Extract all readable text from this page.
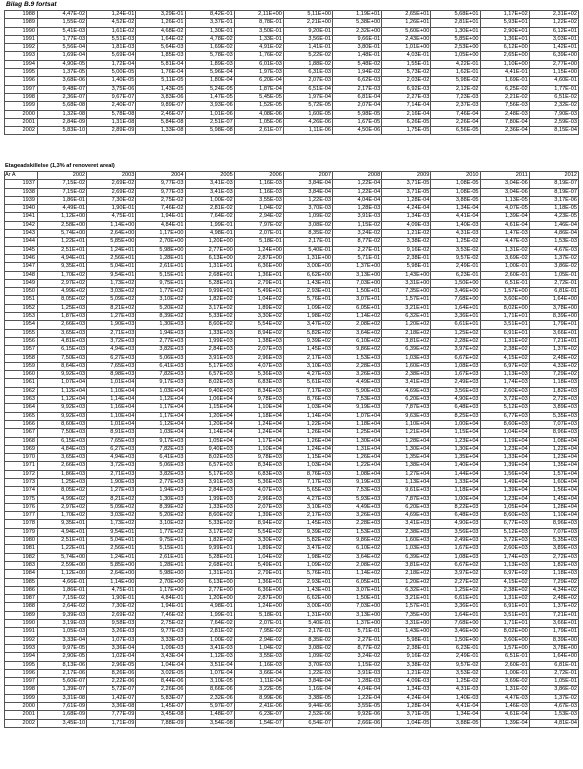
Bilag B.9 fortsat
1988	4,47E-02	1,24E-01	3,29E-01	8,42E-01	2,11E+00	5,11E+00	1,19E+01	2,65E+01	5,68E+01	1,17E+02	2,31E+02
1989	1,55E-02	4,52E-02	1,26E-01	3,37E-01	8,78E-01	2,21E+00	5,38E+00	1,26E+01	2,81E+01	5,93E+01	1,22E+02
1990	5,41E-03	1,61E-02	4,68E-02	1,30E-01	3,50E-01	9,20E-01	2,32E+00	5,60E+00	1,30E+01	2,90E+01	6,12E+01
1991	1,77E-03	5,51E-03	1,64E-02	4,78E-02	1,33E-01	3,56E-01	9,66E-01	2,43E+00	5,85E+00	1,36E+01	3,03E+01
1992	5,56E-04	1,81E-03	5,64E-03	1,69E-02	4,91E-02	1,41E-01	3,80E-01	1,01E+00	2,53E+00	6,12E+00	1,42E+01
1993	1,69E-04	5,69E-04	1,85E-03	5,78E-03	1,76E-02	5,22E-02	1,48E-01	4,03E-01	1,05E+00	2,65E+00	6,39E+00
1994	4,90E-05	1,72E-04	5,81E-04	1,89E-03	6,01E-03	1,88E-02	5,48E-02	1,55E-01	4,22E-01	1,10E+00	2,77E+00
1995	1,37E-05	5,00E-05	1,76E-04	5,96E-04	1,97E-03	6,31E-03	1,94E-02	5,73E-02	1,62E-01	4,41E-01	1,15E+00
1996	3,68E-06	1,40E-05	5,11E-05	1,80E-04	6,20E-04	2,07E-03	6,62E-03	2,03E-02	5,98E-02	1,69E-01	4,60E-01
1997	9,48E-07	3,75E-06	1,43E-05	5,24E-05	1,87E-04	6,51E-04	2,17E-03	6,92E-03	2,12E-02	6,25E-02	1,77E-01
1998	2,36E-07	9,67E-07	3,83E-06	1,47E-05	5,45E-05	1,97E-04	6,81E-04	2,27E-03	7,23E-03	2,21E-02	6,51E-02
1999	5,68E-08	2,40E-07	9,89E-07	3,93E-06	1,52E-05	5,72E-05	2,07E-04	7,14E-04	2,37E-03	7,56E-03	2,32E-02
2000	1,32E-08	5,78E-08	2,46E-07	1,01E-06	4,08E-06	1,60E-05	5,98E-05	2,16E-04	7,46E-04	2,48E-03	7,90E-03
2001	2,84E-09	1,31E-08	5,84E-08	2,51E-07	1,05E-06	4,26E-06	1,67E-05	6,26E-05	2,26E-04	7,80E-04	2,59E-03
2002	5,83E-10	2,89E-09	1,33E-08	5,98E-08	2,61E-07	1,11E-06	4,50E-06	1,75E-05	6,56E-05	2,36E-04	8,15E-04
Etageadskillelse (1,3% af renoveret areal)
År A	2002	2003	2004	2005	2006	2007	2008	2009	2010	2011	2012
1937	7,15E-02	2,69E-02	9,77E-03	3,41E-03	1,16E-03	3,84E-04	1,22E-04	3,71E-05	1,08E-05	3,04E-06	8,19E-07
1938	7,15E-02	2,69E-02	9,77E-03	3,41E-03	1,16E-03	3,84E-04	1,22E-04	3,71E-05	1,08E-05	3,04E-06	8,19E-07
1939	1,86E-01	7,30E-02	2,75E-02	1,00E-02	3,55E-03	1,22E-03	4,04E-04	1,28E-04	3,88E-05	1,13E-05	3,17E-06
1940	4,49E-01	1,90E-01	7,46E-02	2,81E-02	1,04E-02	3,70E-03	1,28E-03	4,24E-04	1,34E-04	4,07E-05	1,18E-05
1941	1,12E+00	4,75E-01	1,94E-01	7,64E-02	2,94E-02	1,09E-02	3,91E-03	1,34E-03	4,41E-04	1,39E-04	4,23E-05
1942	2,58E+00	1,14E+00	4,84E-01	1,99E-01	7,97E-02	3,08E-02	1,15E-02	4,09E-03	1,40E-03	4,61E-04	1,46E-04
1943	5,74E+00	2,64E+00	1,17E+00	4,98E-01	2,07E-01	8,35E-02	3,24E-02	1,21E-02	4,31E-03	1,47E-03	4,86E-04
1944	1,22E+01	5,85E+00	2,70E+00	1,20E+00	5,18E-01	2,17E-01	8,77E-02	3,38E-02	1,25E-02	4,47E-03	1,53E-03
1945	2,51E+01	1,24E+01	5,98E+00	2,77E+00	1,24E+00	5,40E-01	2,27E-01	9,16E-02	3,53E-02	1,31E-02	4,67E-03
1946	4,94E+01	2,56E+01	1,28E+01	6,13E+00	2,87E+00	1,31E+00	5,71E-01	2,38E-01	9,57E-02	3,69E-02	1,37E-02
1947	9,35E+01	5,04E+01	2,61E+01	1,31E+01	6,36E+00	3,00E+00	1,37E+00	5,98E-01	2,49E-01	1,00E-01	3,86E-02
1948	1,70E+02	9,54E+01	5,15E+01	2,68E+01	1,36E+01	6,62E+00	3,13E+00	1,43E+00	6,23E-01	2,60E-01	1,05E-01
1949	2,97E+02	1,73E+02	9,75E+01	5,28E+01	2,79E+01	1,43E+01	7,03E+00	3,31E+00	1,50E+00	6,51E-01	2,72E-01
1950	4,99E+02	3,03E+02	1,77E+02	9,99E+01	5,49E+01	2,93E+01	1,50E+01	7,35E+00	3,46E+00	1,57E+00	6,81E-01
1951	8,05E+02	5,09E+02	3,10E+02	1,82E+02	1,04E+02	5,76E+01	3,07E+01	1,57E+01	7,68E+00	3,60E+00	1,64E+00
1952	1,25E+03	8,21E+02	5,20E+02	3,17E+02	1,89E+02	1,09E+02	6,05E+01	3,21E+01	1,64E+01	8,02E+00	3,78E+00
1953	1,87E+03	1,27E+03	8,39E+02	5,33E+02	3,30E+02	1,98E+02	1,14E+02	6,32E+01	3,36E+01	1,71E+01	8,39E+00
1954	2,66E+03	1,90E+03	1,30E+03	8,60E+02	5,54E+02	3,47E+02	2,08E+02	1,20E+02	6,61E+01	3,51E+01	1,79E+01
1955	3,65E+03	2,71E+03	1,94E+03	1,33E+03	8,94E+02	5,82E+02	3,64E+02	2,18E+02	1,25E+02	6,91E+01	3,66E+01
1956	4,81E+03	3,72E+03	2,77E+03	1,99E+03	1,38E+03	9,39E+02	6,10E+02	3,81E+02	2,28E+02	1,31E+02	7,21E+01
1957	6,15E+03	4,94E+03	3,82E+03	2,84E+03	2,07E+03	1,45E+03	9,86E+02	6,39E+02	3,97E+02	2,38E+02	1,37E+02
1958	7,50E+03	6,27E+03	5,06E+03	3,91E+03	2,96E+03	2,17E+03	1,53E+03	1,03E+03	6,67E+02	4,15E+02	2,48E+02
1959	8,64E+03	7,65E+03	6,41E+03	5,17E+03	4,07E+03	3,10E+03	2,28E+03	1,60E+03	1,08E+03	6,97E+02	4,33E+02
1960	9,92E+03	8,98E+03	7,82E+03	6,57E+03	5,36E+03	4,27E+03	3,26E+03	2,38E+03	1,67E+03	1,13E+03	7,29E+02
1961	1,07E+04	1,01E+04	9,17E+03	8,02E+03	6,83E+03	5,61E+03	4,49E+03	3,41E+03	2,49E+03	1,74E+03	1,18E+03
1962	1,12E+04	1,10E+04	1,03E+04	9,40E+03	8,34E+03	7,17E+03	5,90E+03	4,69E+03	3,56E+03	2,60E+03	1,82E+03
1963	1,12E+04	1,14E+04	1,12E+04	1,06E+04	9,78E+03	8,76E+03	7,53E+03	6,20E+03	4,90E+03	3,72E+03	2,72E+03
1964	9,92E+03	1,16E+04	1,17E+04	1,15E+04	1,10E+04	1,03E+04	9,19E+03	7,87E+03	6,48E+03	5,12E+03	3,89E+03
1965	9,92E+03	1,10E+04	1,17E+04	1,20E+04	1,18E+04	1,14E+04	1,07E+04	9,63E+03	8,25E+03	6,77E+03	5,35E+03
1966	8,60E+03	1,01E+04	1,12E+04	1,20E+04	1,24E+04	1,22E+04	1,18E+04	1,10E+04	1,00E+04	8,60E+03	7,07E+03
1967	7,50E+03	8,91E+03	1,03E+04	1,14E+04	1,24E+04	1,26E+04	1,25E+04	1,21E+04	1,15E+04	1,04E+04	8,96E+03
1968	6,15E+03	7,65E+03	9,17E+03	1,05E+04	1,17E+04	1,26E+04	1,30E+04	1,28E+04	1,23E+04	1,19E+04	1,08E+04
1969	4,84E+03	6,27E+03	7,82E+03	9,40E+03	1,10E+04	1,24E+04	1,31E+04	1,30E+04	1,30E+04	1,23E+04	1,22E+04
1970	3,65E+03	4,94E+03	6,41E+03	8,02E+03	9,78E+03	1,15E+04	1,26E+04	1,35E+04	1,35E+04	1,33E+04	1,23E+04
1971	2,66E+03	3,72E+03	5,06E+03	6,57E+03	8,34E+03	1,03E+04	1,22E+04	1,38E+04	1,40E+04	1,39E+04	1,35E+04
1972	1,86E+03	2,71E+03	3,82E+03	5,17E+03	6,83E+03	8,76E+03	1,08E+04	1,27E+04	1,44E+04	1,56E+04	1,57E+04
1973	1,25E+03	1,90E+03	2,77E+03	3,91E+03	5,36E+03	7,17E+03	9,19E+03	1,13E+04	1,33E+04	1,49E+04	1,60E+04
1974	8,05E+02	1,27E+03	1,94E+03	2,84E+03	4,07E+03	5,65E+03	7,53E+03	9,61E+03	1,18E+04	1,39E+04	1,56E+04
1975	4,99E+02	8,21E+02	1,30E+03	1,99E+03	2,96E+03	4,27E+03	5,93E+03	7,87E+03	1,00E+04	1,23E+04	1,45E+04
1976	2,97E+02	5,09E+02	8,39E+02	1,33E+03	2,07E+03	3,10E+03	4,49E+03	6,20E+03	8,22E+03	1,05E+04	1,28E+04
1977	1,70E+02	3,03E+02	5,20E+02	8,60E+02	1,39E+03	2,17E+03	3,26E+03	4,69E+03	6,48E+03	8,60E+03	1,10E+04
1978	9,35E+01	1,73E+02	3,10E+02	5,33E+02	8,94E+02	1,45E+03	2,28E+03	3,41E+03	4,90E+03	6,77E+03	8,96E+03
1979	4,94E+01	9,54E+01	1,77E+02	3,17E+02	5,54E+02	9,39E+02	1,53E+03	2,38E+03	3,56E+03	5,12E+03	7,07E+03
1980	2,51E+01	5,04E+01	9,75E+01	1,82E+02	3,30E+02	5,82E+02	9,86E+02	1,60E+03	2,49E+03	3,72E+03	5,35E+03
1981	1,22E+01	2,56E+01	5,15E+01	9,99E+01	1,89E+02	3,47E+02	6,10E+02	1,03E+03	1,67E+03	2,60E+03	3,89E+03
1982	5,74E+00	1,24E+01	2,61E+01	5,28E+01	1,04E+02	1,98E+02	3,64E+02	6,39E+02	1,08E+03	1,74E+03	2,72E+03
1983	2,59E+00	5,85E+00	1,28E+01	2,68E+01	5,49E+01	1,09E+02	2,08E+02	3,81E+02	6,67E+02	1,13E+03	1,82E+03
1984	1,12E+00	2,64E+00	5,98E+00	1,31E+01	2,79E+01	5,76E+01	1,14E+02	2,18E+02	3,97E+02	6,97E+02	1,18E+03
1985	4,66E-01	1,14E+00	2,70E+00	6,13E+00	1,36E+01	2,93E+01	6,05E+01	1,20E+02	2,27E+02	4,15E+02	7,29E+02
1986	1,86E-01	4,75E-01	1,17E+00	2,77E+00	6,36E+00	1,43E+01	3,07E+01	6,32E+01	1,25E+02	2,38E+02	4,34E+02
1987	7,15E-02	1,90E-01	4,84E-01	1,20E+00	2,87E+00	6,62E+00	1,50E+01	3,21E+01	6,61E+01	1,31E+02	2,48E+02
1988	2,64E-02	7,30E-02	1,94E-01	4,98E-01	1,24E+00	3,00E+00	7,03E+00	1,57E+01	3,36E+01	6,91E+01	1,37E+02
1989	9,39E-03	2,69E-02	7,46E-02	1,99E-01	5,18E-01	1,31E+00	3,13E+00	7,35E+00	1,64E+01	3,51E+01	7,21E+01
1990	3,19E-03	9,58E-03	2,75E-02	7,64E-02	2,07E-01	5,40E-01	1,37E+00	3,31E+00	7,68E+00	1,71E+01	3,66E+01
1991	1,05E-03	3,26E-03	9,77E-03	2,81E-02	7,95E-02	2,17E-01	5,71E-01	1,43E+00	3,46E+00	8,02E+00	1,79E+01
1992	3,33E-04	1,07E-03	3,33E-03	1,00E-02	2,94E-02	8,35E-02	2,27E-01	5,98E-01	1,50E+00	3,60E+00	8,39E+00
1993	9,97E-05	3,36E-04	1,09E-03	3,41E-03	1,04E-02	3,08E-02	8,77E-02	2,38E-01	6,23E-01	1,57E+00	3,78E+00
1994	2,90E-05	1,02E-04	3,43E-04	1,12E-03	3,55E-03	1,09E-02	3,24E-02	9,16E-02	2,49E-01	6,51E-01	1,64E+00
1995	8,13E-06	2,96E-05	1,04E-04	3,51E-04	1,16E-03	3,70E-03	1,15E-02	3,38E-02	9,57E-02	2,60E-01	6,81E-01
1996	2,17E-06	8,26E-06	3,02E-05	1,07E-04	3,66E-04	1,22E-03	3,91E-03	1,21E-02	3,53E-02	1,00E-01	2,72E-01
1997	5,60E-07	2,22E-06	8,44E-06	3,10E-05	1,11E-04	3,84E-04	1,28E-03	4,09E-03	1,25E-02	3,69E-02	1,05E-01
1998	1,39E-07	5,72E-07	2,26E-06	8,66E-06	3,22E-05	1,16E-04	4,04E-04	1,34E-03	4,31E-03	1,31E-02	3,86E-02
1999	3,31E-08	1,42E-07	5,83E-07	2,32E-06	8,99E-06	3,38E-05	1,22E-04	4,24E-04	1,40E-03	4,47E-03	1,37E-02
2000	7,61E-09	3,36E-08	1,45E-07	5,97E-07	2,41E-06	9,44E-06	3,55E-05	1,28E-04	4,41E-04	1,46E-03	4,67E-03
2001	1,68E-09	7,77E-09	3,45E-08	1,48E-07	6,23E-07	2,52E-06	9,92E-06	3,71E-05	1,34E-04	4,61E-04	1,53E-03
2002	3,45E-10	1,71E-09	7,88E-09	3,54E-08	1,54E-07	6,54E-07	2,66E-06	1,04E-05	3,88E-05	1,39E-04	4,81E-04
